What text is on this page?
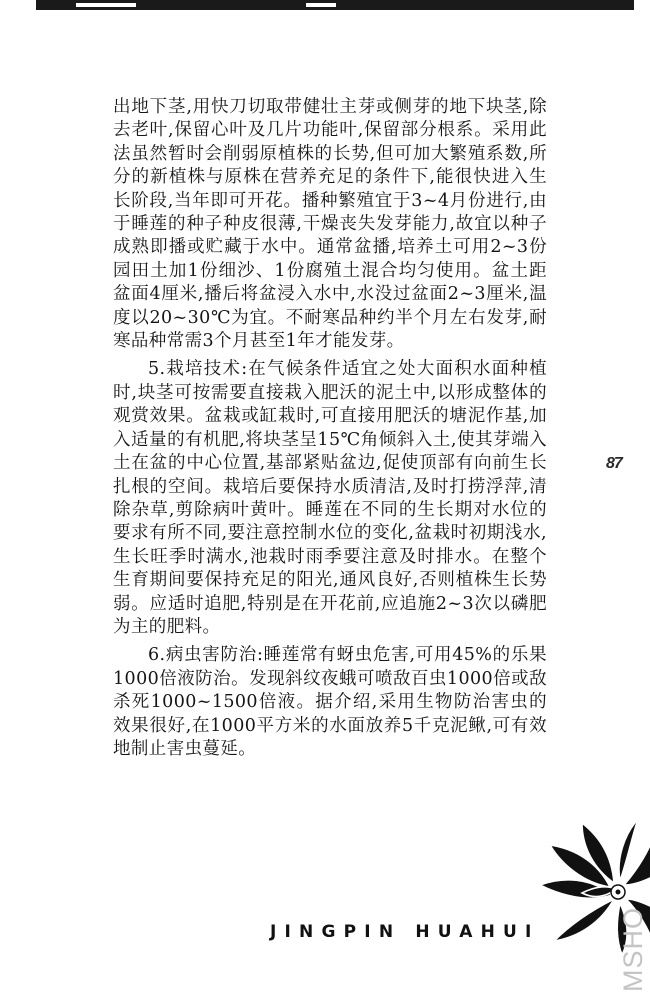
出地下茎,用快刀切取带健壮主芽或侧芽的地下块茎,除去老叶,保留心叶及几片功能叶,保留部分根系。采用此法虽然暂时会削弱原植株的长势,但可加大繁殖系数,所分的新植株与原株在营养充足的条件下,能很快进入生长阶段,当年即可开花。播种繁殖宜于3~4月份进行,由于睡莲的种子种皮很薄,干燥丧失发芽能力,故宜以种子成熟即播或贮藏于水中。通常盆播,培养土可用2~3份园田土加1份细沙、1份腐殖土混合均匀使用。盆土距盆面4厘米,播后将盆浸入水中,水没过盆面2~3厘米,温度以20~30℃为宜。不耐寒品种约半个月左右发芽,耐寒品种常需3个月甚至1年才能发芽。

5.栽培技术:在气候条件适宜之处大面积水面种植时,块茎可按需要直接栽入肥沃的泥土中,以形成整体的观赏效果。盆栽或缸栽时,可直接用肥沃的塘泥作基,加入适量的有机肥,将块茎呈15℃角倾斜入土,使其芽端入土在盆的中心位置,基部紧贴盆边,促使顶部有向前生长扎根的空间。栽培后要保持水质清洁,及时打捞浮萍,清除杂草,剪除病叶黄叶。睡莲在不同的生长期对水位的要求有所不同,要注意控制水位的变化,盆栽时初期浅水,生长旺季时满水,池栽时雨季要注意及时排水。在整个生育期间要保持充足的阳光,通风良好,否则植株生长势弱。应适时追肥,特别是在开花前,应追施2~3次以磷肥为主的肥料。

6.病虫害防治:睡莲常有蚜虫危害,可用45%的乐果1000倍液防治。发现斜纹夜蛾可喷敌百虫1000倍或敌杀死1000~1500倍液。据介绍,采用生物防治害虫的效果很好,在1000平方米的水面放养5千克泥鳅,可有效地制止害虫蔓延。

87
JINGPIN HUAHUI	MSHO
